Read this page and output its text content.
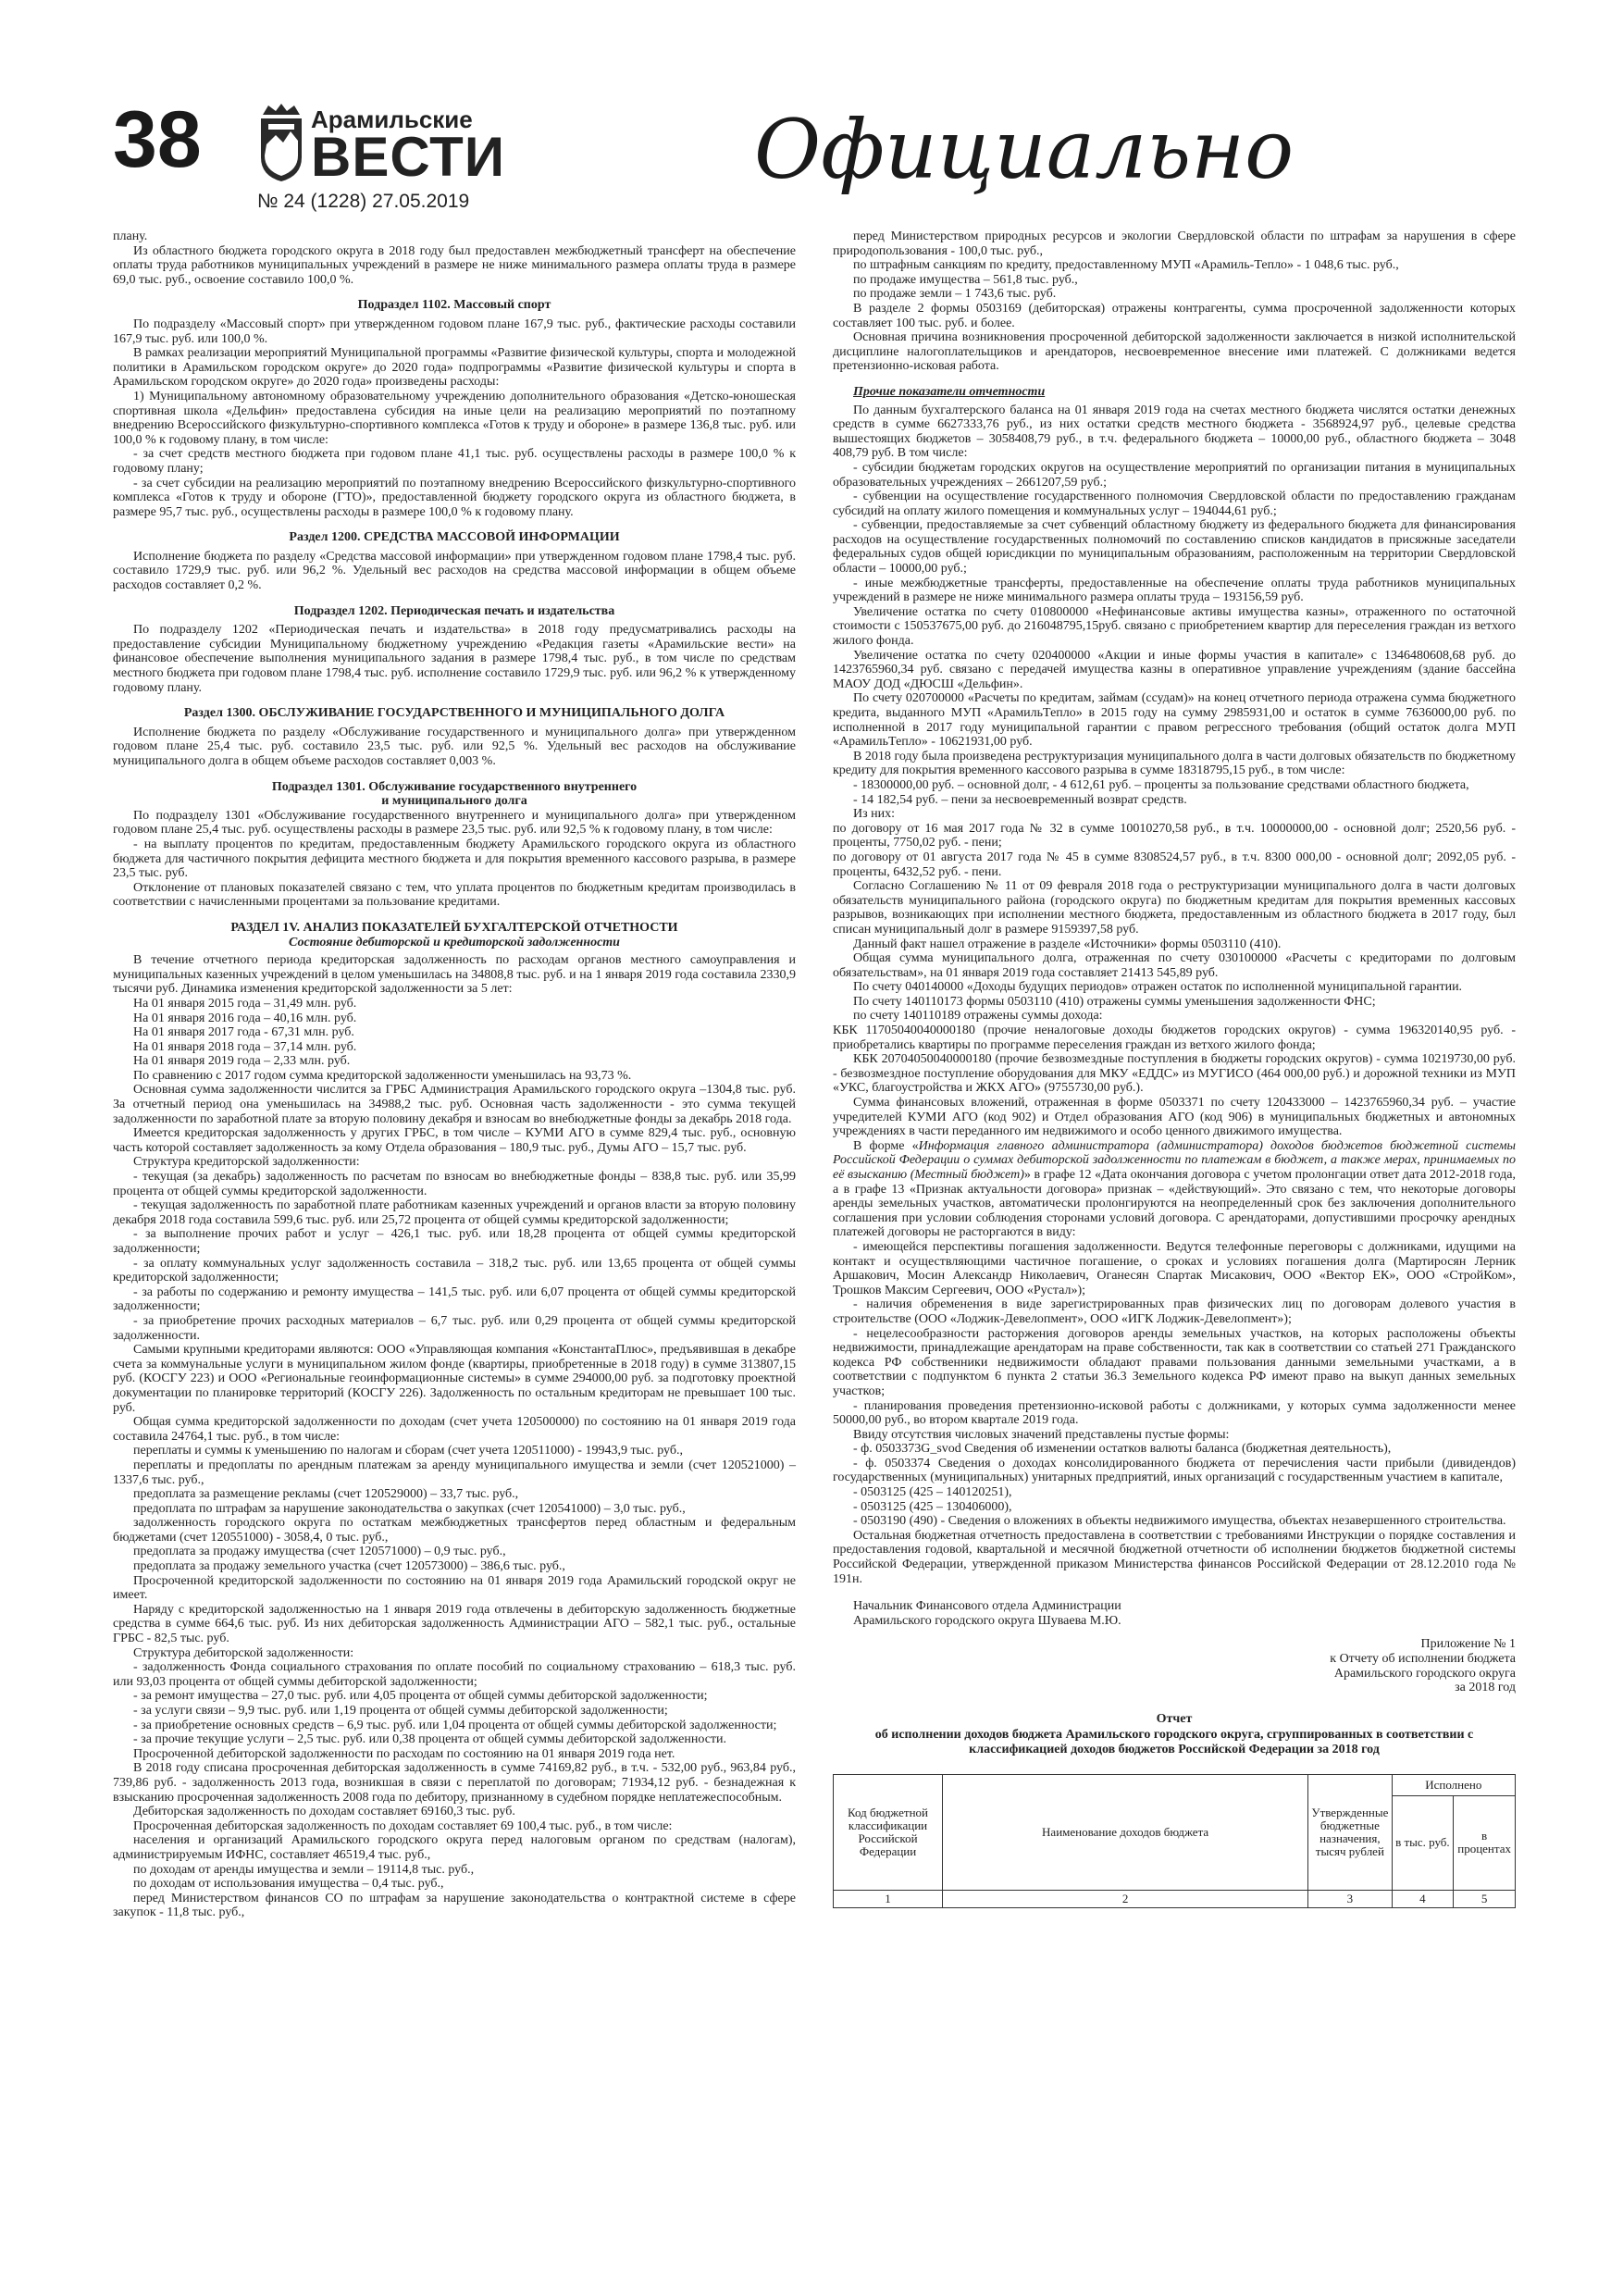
38	Арамильские
ВЕСТИ
№ 24 (1228) 27.05.2019
Официально

плану.

Из областного бюджета городского округа в 2018 году был предоставлен межбюджетный трансферт на обеспечение оплаты труда работников муниципальных учреждений в размере не ниже минимального размера оплаты труда в размере 69,0 тыс. руб., освоение составило 100,0 %.

Подраздел 1102. Массовый спорт

По подразделу «Массовый спорт» при утвержденном годовом плане 167,9 тыс. руб., фактические расходы составили 167,9 тыс. руб. или 100,0 %.

В рамках реализации мероприятий Муниципальной программы «Развитие физической культуры, спорта и молодежной политики в Арамильском городском округе» до 2020 года» подпрограммы «Развитие физической культуры и спорта в Арамильском городском округе» до 2020 года» произведены расходы:

1) Муниципальному автономному образовательному учреждению дополнительного образования «Детско-юношеская спортивная школа «Дельфин» предоставлена субсидия на иные цели на реализацию мероприятий по поэтапному внедрению Всероссийского физкультурно-спортивного комплекса «Готов к труду и обороне» в размере 136,8 тыс. руб. или 100,0 % к годовому плану, в том числе:

- за счет средств местного бюджета при годовом плане 41,1 тыс. руб. осуществлены расходы в размере 100,0 % к годовому плану;

- за счет субсидии на реализацию мероприятий по поэтапному внедрению Всероссийского физкультурно-спортивного комплекса «Готов к труду и обороне (ГТО)», предоставленной бюджету городского округа из областного бюджета, в размере 95,7 тыс. руб., осуществлены расходы в размере 100,0 % к годовому плану.

Раздел 1200. СРЕДСТВА МАССОВОЙ ИНФОРМАЦИИ

Исполнение бюджета по разделу «Средства массовой информации» при утвержденном годовом плане 1798,4 тыс. руб. составило 1729,9 тыс. руб. или 96,2 %. Удельный вес расходов на средства массовой информации в общем объеме расходов составляет 0,2 %.

Подраздел 1202. Периодическая печать и издательства

По подразделу 1202 «Периодическая печать и издательства» в 2018 году предусматривались расходы на предоставление субсидии Муниципальному бюджетному учреждению «Редакция газеты «Арамильские вести» на финансовое обеспечение выполнения муниципального задания в размере 1798,4 тыс. руб., в том числе по средствам местного бюджета при годовом плане 1798,4 тыс. руб. исполнение составило 1729,9 тыс. руб. или 96,2 % к утвержденному годовому плану.

Раздел 1300. ОБСЛУЖИВАНИЕ ГОСУДАРСТВЕННОГО И МУНИЦИПАЛЬНОГО ДОЛГА

Исполнение бюджета по разделу «Обслуживание государственного и муниципального долга» при утвержденном годовом плане 25,4 тыс. руб. составило 23,5 тыс. руб. или 92,5 %. Удельный вес расходов на обслуживание муниципального долга в общем объеме расходов составляет 0,003 %.

Подраздел 1301. Обслуживание государственного внутреннего
и муниципального долга

По подразделу 1301 «Обслуживание государственного внутреннего и муниципального долга» при утвержденном годовом плане 25,4 тыс. руб. осуществлены расходы в размере 23,5 тыс. руб. или 92,5 % к годовому плану, в том числе:

- на выплату процентов по кредитам, предоставленным бюджету Арамильского городского округа из областного бюджета для частичного покрытия дефицита местного бюджета и для покрытия временного кассового разрыва, в размере 23,5 тыс. руб.

Отклонение от плановых показателей связано с тем, что уплата процентов по бюджетным кредитам производилась в соответствии с начисленными процентами за пользование кредитами.

РАЗДЕЛ 1V. АНАЛИЗ ПОКАЗАТЕЛЕЙ БУХГАЛТЕРСКОЙ ОТЧЕТНОСТИ
Состояние дебиторской и кредиторской задолженности

В течение отчетного периода кредиторская задолженность по расходам органов местного самоуправления и муниципальных казенных учреждений в целом уменьшилась на 34808,8 тыс. руб. и на 1 января 2019 года составила 2330,9 тысячи руб. Динамика изменения кредиторской задолженности за 5 лет:

На 01 января 2015 года – 31,49 млн. руб.

На 01 января 2016 года – 40,16 млн. руб.

На 01 января 2017 года - 67,31 млн. руб.

На 01 января 2018 года – 37,14 млн. руб.

На 01 января 2019 года – 2,33 млн. руб.

По сравнению с 2017 годом сумма кредиторской задолженности уменьшилась на 93,73 %.

Основная сумма задолженности числится за ГРБС Администрация Арамильского городского округа –1304,8 тыс. руб. За отчетный период она уменьшилась на 34988,2 тыс. руб. Основная часть задолженности - это сумма текущей задолженности по заработной плате за вторую половину декабря и взносам во внебюджетные фонды за декабрь 2018 года.

Имеется кредиторская задолженность у других ГРБС, в том числе – КУМИ АГО в сумме 829,4 тыс. руб., основную часть которой составляет задолженность за кому Отдела образования – 180,9 тыс. руб., Думы АГО – 15,7 тыс. руб.

Структура кредиторской задолженности:

- текущая (за декабрь) задолженность по расчетам по взносам во внебюджетные фонды – 838,8 тыс. руб. или 35,99 процента от общей суммы кредиторской задолженности.

- текущая задолженность по заработной плате работникам казенных учреждений и органов власти за вторую половину декабря 2018 года составила 599,6 тыс. руб. или 25,72 процента от общей суммы кредиторской задолженности;

- за выполнение прочих работ и услуг – 426,1 тыс. руб. или 18,28 процента от общей суммы кредиторской задолженности;

- за оплату коммунальных услуг задолженность составила – 318,2 тыс. руб. или 13,65 процента от общей суммы кредиторской задолженности;

- за работы по содержанию и ремонту имущества – 141,5 тыс. руб. или 6,07 процента от общей суммы кредиторской задолженности;

- за приобретение прочих расходных материалов – 6,7 тыс. руб. или 0,29 процента от общей суммы кредиторской задолженности.

Самыми крупными кредиторами являются: ООО «Управляющая компания «КонстантаПлюс», предъявившая в декабре счета за коммунальные услуги в муниципальном жилом фонде (квартиры, приобретенные в 2018 году) в сумме 313807,15 руб. (КОСГУ 223) и ООО «Региональные геоинформационные системы» в сумме 294000,00 руб. за подготовку проектной документации по планировке территорий (КОСГУ 226). Задолженность по остальным кредиторам не превышает 100 тыс. руб.

Общая сумма кредиторской задолженности по доходам (счет учета 120500000) по состоянию на 01 января 2019 года составила 24764,1 тыс. руб., в том числе:

переплаты и суммы к уменьшению по налогам и сборам (счет учета 120511000) - 19943,9 тыс. руб.,

переплаты и предоплаты по арендным платежам за аренду муниципального имущества и земли (счет 120521000) – 1337,6 тыс. руб.,

предоплата за размещение рекламы (счет 120529000) – 33,7 тыс. руб.,

предоплата по штрафам за нарушение законодательства о закупках (счет 120541000) – 3,0 тыс. руб.,

задолженность городского округа по остаткам межбюджетных трансфертов перед областным и федеральным бюджетами (счет 120551000) - 3058,4, 0 тыс. руб.,

предоплата за продажу имущества (счет 120571000) – 0,9 тыс. руб.,

предоплата за продажу земельного участка (счет 120573000) – 386,6 тыс. руб.,

Просроченной кредиторской задолженности по состоянию на 01 января 2019 года Арамильский городской округ не имеет.

Наряду с кредиторской задолженностью на 1 января 2019 года отвлечены в дебиторскую задолженность бюджетные средства в сумме 664,6 тыс. руб. Из них дебиторская задолженность Администрации АГО – 582,1 тыс. руб., остальные ГРБС - 82,5 тыс. руб.

Структура дебиторской задолженности:

- задолженность Фонда социального страхования по оплате пособий по социальному страхованию – 618,3 тыс. руб. или 93,03 процента от общей суммы дебиторской задолженности;

- за ремонт имущества – 27,0 тыс. руб. или 4,05 процента от общей суммы дебиторской задолженности;

- за услуги связи – 9,9 тыс. руб. или 1,19 процента от общей суммы дебиторской задолженности;

- за приобретение основных средств – 6,9 тыс. руб. или 1,04 процента от общей суммы дебиторской задолженности;

- за прочие текущие услуги – 2,5 тыс. руб. или 0,38 процента от общей суммы дебиторской задолженности.

Просроченной дебиторской задолженности по расходам по состоянию на 01 января 2019 года нет.

В 2018 году списана просроченная дебиторская задолженность в сумме 74169,82 руб., в т.ч. - 532,00 руб., 963,84 руб., 739,86 руб. - задолженность 2013 года, возникшая в связи с переплатой по договорам; 71934,12 руб. - безнадежная к взысканию просроченная задолженность 2008 года по дебитору, признанному в судебном порядке неплатежеспособным.

Дебиторская задолженность по доходам составляет 69160,3 тыс. руб.

Просроченная дебиторская задолженность по доходам составляет 69 100,4 тыс. руб., в том числе:

населения и организаций Арамильского городского округа перед налоговым органом по средствам (налогам), администрируемым ИФНС, составляет 46519,4 тыс. руб.,

по доходам от аренды имущества и земли – 19114,8 тыс. руб.,

по доходам от использования имущества – 0,4 тыс. руб.,

перед Министерством финансов СО по штрафам за нарушение законодательства о контрактной системе в сфере закупок - 11,8 тыс. руб.,

перед Министерством природных ресурсов и экологии Свердловской области по штрафам за нарушения в сфере природопользования - 100,0 тыс. руб.,

по штрафным санкциям по кредиту, предоставленному МУП «Арамиль-Тепло» - 1 048,6 тыс. руб.,

по продаже имущества – 561,8 тыс. руб.,

по продаже земли – 1 743,6 тыс. руб.

В разделе 2 формы 0503169 (дебиторская) отражены контрагенты, сумма просроченной задолженности которых составляет 100 тыс. руб. и более.

Основная причина возникновения просроченной дебиторской задолженности заключается в низкой исполнительской дисциплине налогоплательщиков и арендаторов, несвоевременное внесение ими платежей. С должниками ведется претензионно-исковая работа.

Прочие показатели отчетности

По данным бухгалтерского баланса на 01 января 2019 года на счетах местного бюджета числятся остатки денежных средств в сумме 6627333,76 руб., из них остатки средств местного бюджета - 3568924,97 руб., целевые средства вышестоящих бюджетов – 3058408,79 руб., в т.ч. федерального бюджета – 10000,00 руб., областного бюджета – 3048 408,79 руб. В том числе:

- субсидии бюджетам городских округов на осуществление мероприятий по организации питания в муниципальных образовательных учреждениях – 2661207,59 руб.;

- субвенции на осуществление государственного полномочия Свердловской области по предоставлению гражданам субсидий на оплату жилого помещения и коммунальных услуг – 194044,61 руб.;

- субвенции, предоставляемые за счет субвенций областному бюджету из федерального бюджета для финансирования расходов на осуществление государственных полномочий по составлению списков кандидатов в присяжные заседатели федеральных судов общей юрисдикции по муниципальным образованиям, расположенным на территории Свердловской области – 10000,00 руб.;

- иные межбюджетные трансферты, предоставленные на обеспечение оплаты труда работников муниципальных учреждений в размере не ниже минимального размера оплаты труда – 193156,59 руб.

Увеличение остатка по счету 010800000 «Нефинансовые активы имущества казны», отраженного по остаточной стоимости с 150537675,00 руб. до 216048795,15руб. связано с приобретением квартир для переселения граждан из ветхого жилого фонда.

Увеличение остатка по счету 020400000 «Акции и иные формы участия в капитале» с 1346480608,68 руб. до 1423765960,34 руб. связано с передачей имущества казны в оперативное управление учреждениям (здание бассейна МАОУ ДОД «ДЮСШ «Дельфин».

По счету 020700000 «Расчеты по кредитам, займам (ссудам)» на конец отчетного периода отражена сумма бюджетного кредита, выданного МУП «АрамильТепло» в 2015 году на сумму 2985931,00 и остаток в сумме 7636000,00 руб. по исполненной в 2017 году муниципальной гарантии с правом регрессного требования (общий остаток долга МУП «АрамильТепло» - 10621931,00 руб.

В 2018 году была произведена реструктуризация муниципального долга в части долговых обязательств по бюджетному кредиту для покрытия временного кассового разрыва в сумме 18318795,15 руб., в том числе:

- 18300000,00 руб. – основной долг, - 4 612,61 руб. – проценты за пользование средствами областного бюджета,

- 14 182,54 руб. – пени за несвоевременный возврат средств.

Из них:

по договору от 16 мая 2017 года № 32 в сумме 10010270,58 руб., в т.ч. 10000000,00 - основной долг; 2520,56 руб. - проценты, 7750,02 руб. - пени;

по договору от 01 августа 2017 года № 45 в сумме 8308524,57 руб., в т.ч. 8300 000,00 - основной долг; 2092,05 руб. - проценты, 6432,52 руб. - пени.

Согласно Соглашению № 11 от 09 февраля 2018 года о реструктуризации муниципального долга в части долговых обязательств муниципального района (городского округа) по бюджетным кредитам для покрытия временных кассовых разрывов, возникающих при исполнении местного бюджета, предоставленным из областного бюджета в 2017 году, был списан муниципальный долг в размере 9159397,58 руб.

Данный факт нашел отражение в разделе «Источники» формы 0503110 (410).

Общая сумма муниципального долга, отраженная по счету 030100000 «Расчеты с кредиторами по долговым обязательствам», на 01 января 2019 года составляет 21413 545,89 руб.

По счету 040140000 «Доходы будущих периодов» отражен остаток по исполненной муниципальной гарантии.

По счету 140110173 формы 0503110 (410) отражены суммы уменьшения задолженности ФНС;

по счету 140110189 отражены суммы дохода:

КБК 11705040040000180 (прочие неналоговые доходы бюджетов городских округов) - сумма 196320140,95 руб. - приобретались квартиры по программе переселения граждан из ветхого жилого фонда;

КБК 20704050040000180 (прочие безвозмездные поступления в бюджеты городских округов) - сумма 10219730,00 руб. - безвозмездное поступление оборудования для МКУ «ЕДДС» из МУГИСО (464 000,00 руб.) и дорожной техники из МУП «УКС, благоустройства и ЖКХ АГО» (9755730,00 руб.).

Сумма финансовых вложений, отраженная в форме 0503371 по счету 120433000 – 1423765960,34 руб. – участие учредителей КУМИ АГО (код 902) и Отдел образования АГО (код 906) в муниципальных бюджетных и автономных учреждениях в части переданного им недвижимого и особо ценного движимого имущества.

В форме «Информация главного администратора (администратора) доходов бюджетов бюджетной системы Российской Федерации о суммах дебиторской задолженности по платежам в бюджет, а также мерах, принимаемых по её взысканию (Местный бюджет)» в графе 12 «Дата окончания договора с учетом пролонгации ответ дата 2012-2018 года, а в графе 13 «Признак актуальности договора» признак – «действующий». Это связано с тем, что некоторые договоры аренды земельных участков, автоматически пролонгируются на неопределенный срок без заключения дополнительного соглашения при условии соблюдения сторонами условий договора. С арендаторами, допустившими просрочку арендных платежей договоры не расторгаются в виду:

- имеющейся перспективы погашения задолженности. Ведутся телефонные переговоры с должниками, идущими на контакт и осуществляющими частичное погашение, о сроках и условиях погашения долга (Мартиросян Лерник Аршакович, Мосин Александр Николаевич, Оганесян Спартак Мисакович, ООО «Вектор ЕК», ООО «СтройКом», Трошков Максим Сергеевич, ООО «Рустал»);

- наличия обременения в виде зарегистрированных прав физических лиц по договорам долевого участия в строительстве (ООО «Лоджик-Девелопмент», ООО «ИГК Лоджик-Девелопмент»);

- нецелесообразности расторжения договоров аренды земельных участков, на которых расположены объекты недвижимости, принадлежащие арендаторам на праве собственности, так как в соответствии со статьей 271 Гражданского кодекса РФ собственники недвижимости обладают правами пользования данными земельными участками, а в соответствии с подпунктом 6 пункта 2 статьи 36.3 Земельного кодекса РФ имеют право на выкуп данных земельных участков;

- планирования проведения претензионно-исковой работы с должниками, у которых сумма задолженности менее 50000,00 руб., во втором квартале 2019 года.

Ввиду отсутствия числовых значений представлены пустые формы:

- ф. 0503373G_svod Сведения об изменении остатков валюты баланса (бюджетная деятельность),

- ф. 0503374 Сведения о доходах консолидированного бюджета от перечисления части прибыли (дивидендов) государственных (муниципальных) унитарных предприятий, иных организаций с государственным участием в капитале,

- 0503125 (425 – 140120251),

- 0503125 (425 – 130406000),

- 0503190 (490) - Сведения о вложениях в объекты недвижимого имущества, объектах незавершенного строительства.

Остальная бюджетная отчетность предоставлена в соответствии с требованиями Инструкции о порядке составления и предоставления годовой, квартальной и месячной бюджетной отчетности об исполнении бюджетов бюджетной системы Российской Федерации, утвержденной приказом Министерства финансов Российской Федерации от 28.12.2010 года № 191н.

Начальник Финансового отдела Администрации

Арамильского городского округа Шуваева М.Ю.

Приложение № 1
к Отчету об исполнении бюджета
Арамильского городского округа
за 2018 год
Отчет
об исполнении доходов бюджета Арамильского городского округа, сгруппированных в соответствии с классификацией доходов бюджетов Российской Федерации за 2018 год
Код бюджетной классификации Российской Федерации	Наименование доходов бюджета	Утвержденные бюджетные назначения, тысяч рублей	Исполнено	
			в тыс. руб.	в процентах
1	2	3	4	5
